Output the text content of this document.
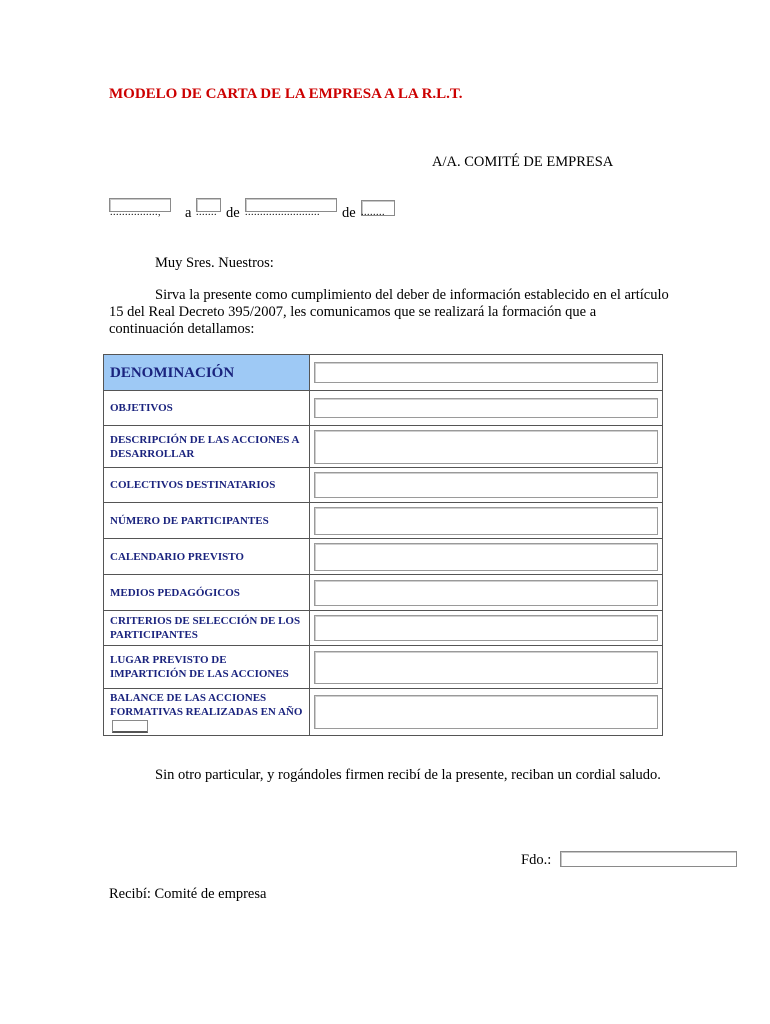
MODELO DE CARTA DE LA EMPRESA A LA R.L.T.
A/A. COMITÉ DE EMPRESA
................, a ....... de ......................... de ........
Muy Sres. Nuestros:
Sirva la presente como cumplimiento del deber de información establecido en el artículo 15 del Real Decreto 395/2007, les comunicamos que se realizará la formación que a continuación detallamos:
DENOMINACIÓN	

OBJETIVOS	

DESCRIPCIÓN DE LAS ACCIONES A DESARROLLAR	

COLECTIVOS DESTINATARIOS	

NÚMERO DE PARTICIPANTES	

CALENDARIO PREVISTO	

MEDIOS PEDAGÓGICOS	

CRITERIOS DE SELECCIÓN DE LOS PARTICIPANTES	

LUGAR PREVISTO DE IMPARTICIÓN DE LAS ACCIONES	

BALANCE DE LAS ACCIONES FORMATIVAS REALIZADAS EN AÑO	
Sin otro particular, y rogándoles firmen recibí de la presente, reciban un cordial saludo.
Fdo.:
Recibí: Comité de empresa
